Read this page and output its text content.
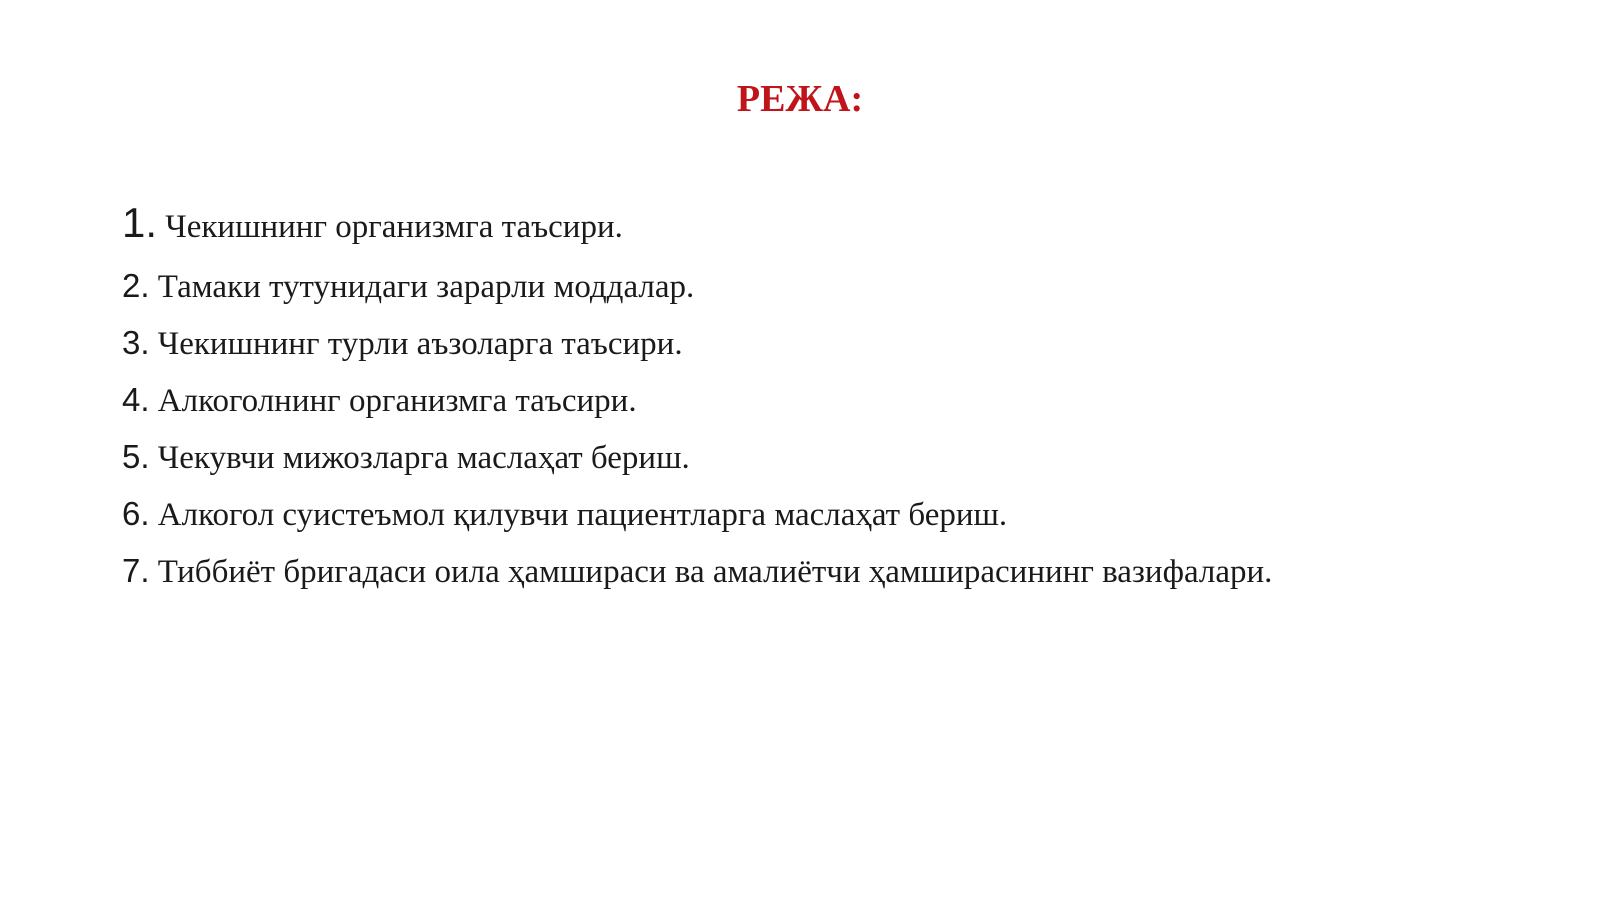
РЕЖА:
1. Чекишнинг организмга таъсири.
2. Тамаки тутунидаги зарарли моддалар.
3. Чекишнинг турли аъзоларга таъсири.
4. Алкоголнинг организмга таъсири.
5. Чекувчи мижозларга маслаҳат бериш.
6. Алкогол суистеъмол қилувчи пациентларга маслаҳат бериш.
7. Тиббиёт бригадаси оила ҳамшираси ва амалиётчи ҳамширасининг вазифалари.
